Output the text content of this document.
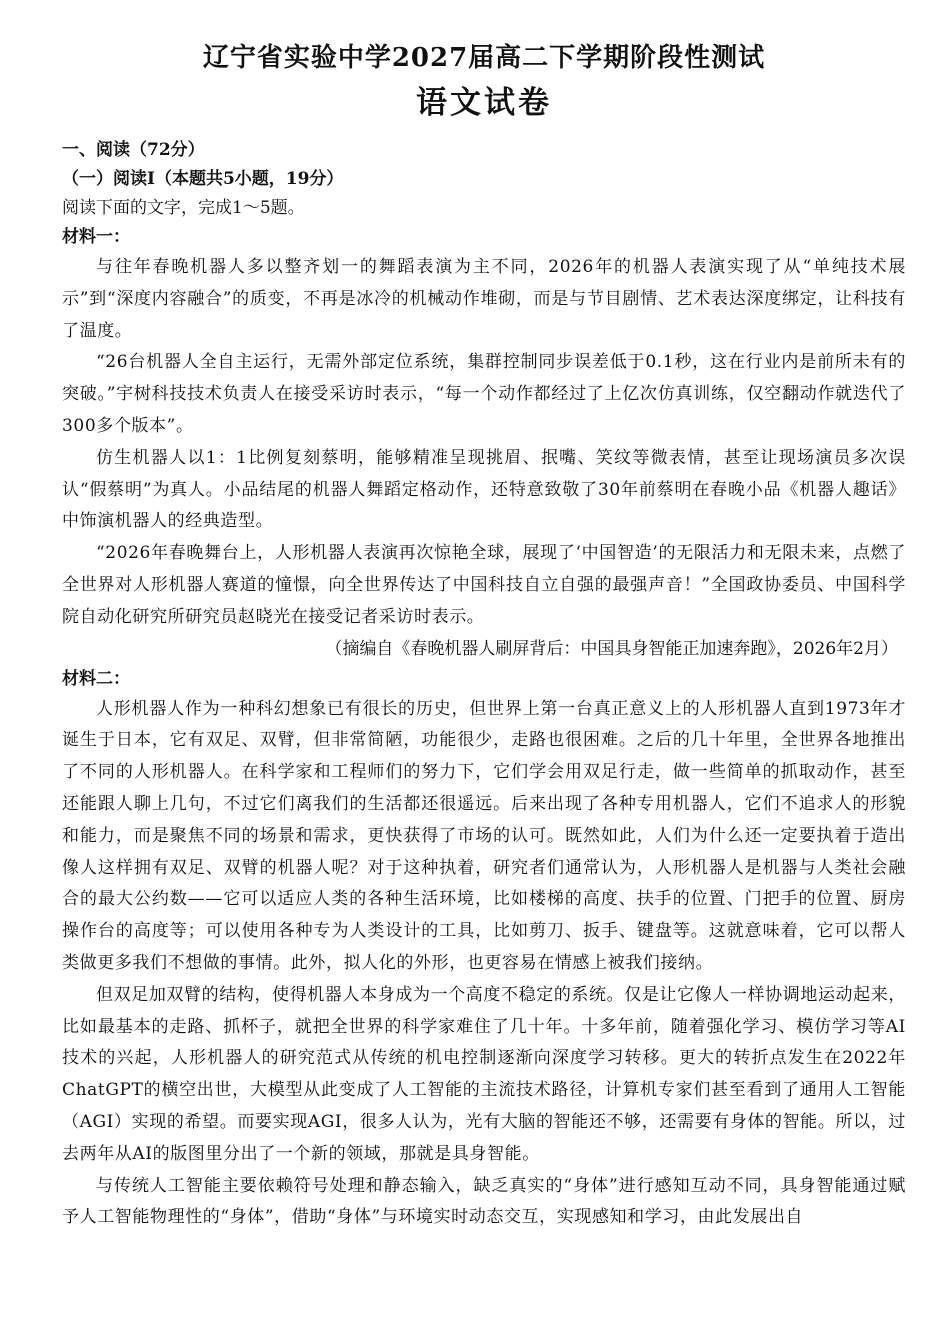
辽宁省实验中学2027届高二下学期阶段性测试
语文试卷
一、阅读（72分）
（一）阅读Ⅰ（本题共5小题，19分）
阅读下面的文字，完成1～5题。
材料一：

与往年春晚机器人多以整齐划一的舞蹈表演为主不同，2026年的机器人表演实现了从“单纯技术展示”到“深度内容融合”的质变，不再是冰冷的机械动作堆砌，而是与节目剧情、艺术表达深度绑定，让科技有了温度。

“26台机器人全自主运行，无需外部定位系统，集群控制同步误差低于0.1秒，这在行业内是前所未有的突破。”宇树科技技术负责人在接受采访时表示，“每一个动作都经过了上亿次仿真训练，仅空翻动作就迭代了300多个版本”。

仿生机器人以1：1比例复刻蔡明，能够精准呈现挑眉、抿嘴、笑纹等微表情，甚至让现场演员多次误认“假蔡明”为真人。小品结尾的机器人舞蹈定格动作，还特意致敬了30年前蔡明在春晚小品《机器人趣话》中饰演机器人的经典造型。

“2026年春晚舞台上，人形机器人表演再次惊艳全球，展现了‘中国智造’的无限活力和无限未来，点燃了全世界对人形机器人赛道的憧憬，向全世界传达了中国科技自立自强的最强声音！”全国政协委员、中国科学院自动化研究所研究员赵晓光在接受记者采访时表示。

（摘编自《春晚机器人刷屏背后：中国具身智能正加速奔跑》，2026年2月）
材料二：

人形机器人作为一种科幻想象已有很长的历史，但世界上第一台真正意义上的人形机器人直到1973年才诞生于日本，它有双足、双臂，但非常简陋，功能很少，走路也很困难。之后的几十年里，全世界各地推出了不同的人形机器人。在科学家和工程师们的努力下，它们学会用双足行走，做一些简单的抓取动作，甚至还能跟人聊上几句，不过它们离我们的生活都还很遥远。后来出现了各种专用机器人，它们不追求人的形貌和能力，而是聚焦不同的场景和需求，更快获得了市场的认可。既然如此，人们为什么还一定要执着于造出像人这样拥有双足、双臂的机器人呢？对于这种执着，研究者们通常认为，人形机器人是机器与人类社会融合的最大公约数——它可以适应人类的各种生活环境，比如楼梯的高度、扶手的位置、门把手的位置、厨房操作台的高度等；可以使用各种专为人类设计的工具，比如剪刀、扳手、键盘等。这就意味着，它可以帮人类做更多我们不想做的事情。此外，拟人化的外形，也更容易在情感上被我们接纳。

但双足加双臂的结构，使得机器人本身成为一个高度不稳定的系统。仅是让它像人一样协调地运动起来，比如最基本的走路、抓杯子，就把全世界的科学家难住了几十年。十多年前，随着强化学习、模仿学习等AI技术的兴起，人形机器人的研究范式从传统的机电控制逐渐向深度学习转移。更大的转折点发生在2022年ChatGPT的横空出世，大模型从此变成了人工智能的主流技术路径，计算机专家们甚至看到了通用人工智能（AGI）实现的希望。而要实现AGI，很多人认为，光有大脑的智能还不够，还需要有身体的智能。所以，过去两年从AI的版图里分出了一个新的领域，那就是具身智能。

与传统人工智能主要依赖符号处理和静态输入，缺乏真实的“身体”进行感知互动不同，具身智能通过赋予人工智能物理性的“身体”，借助“身体”与环境实时动态交互，实现感知和学习，由此发展出自
